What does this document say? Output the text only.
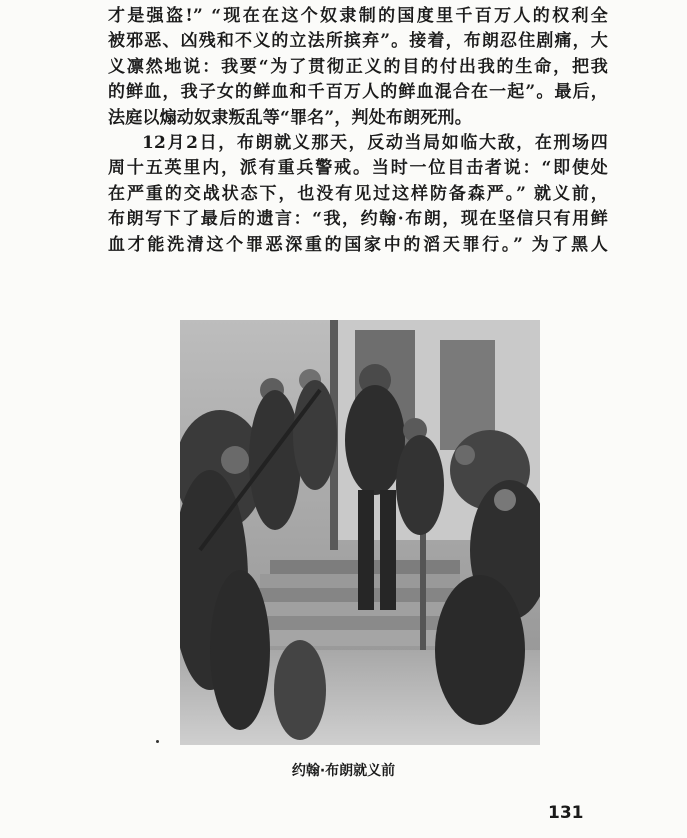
才是强盗!” “现在在这个奴隶制的国度里千百万人的权利全
被邪恶、凶残和不义的立法所摈弃”。接着，布朗忍住剧痛，大
义凛然地说：我要“为了贯彻正义的目的付出我的生命，把我
的鲜血，我子女的鲜血和千百万人的鲜血混合在一起”。最后，
法庭以煽动奴隶叛乱等“罪名”，判处布朗死刑。
12月2日，布朗就义那天，反动当局如临大敌，在刑场四
周十五英里内，派有重兵警戒。当时一位目击者说：“即使处
在严重的交战状态下，也没有见过这样防备森严。” 就义前，
布朗写下了最后的遗言：“我，约翰·布朗，现在坚信只有用鲜
血才能洗清这个罪恶深重的国家中的滔天罪行。” 为了黑人
约翰·布朗就义前
131
